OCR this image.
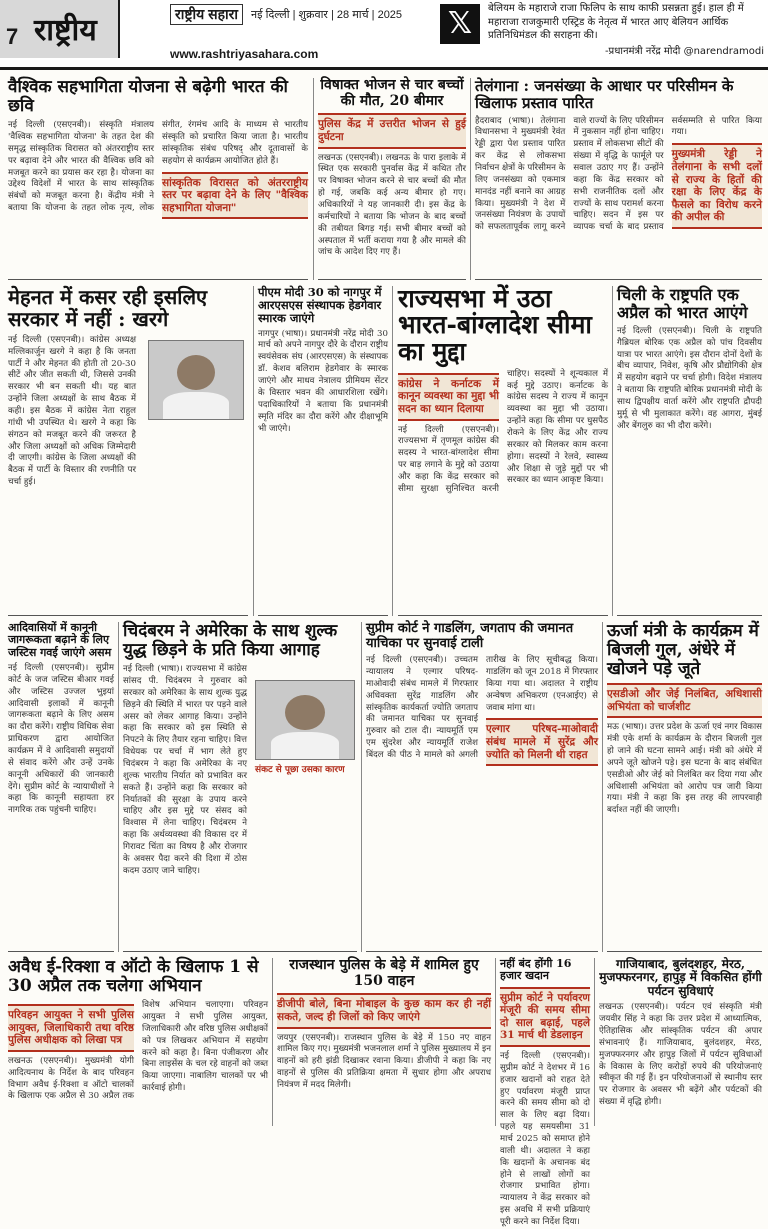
7 राष्ट्रीय	राष्ट्रीय सहारा	नई दिल्ली | शुक्रवार | 28 मार्च | 2025
www.rashtriyasahara.com
𝕏	बेलियम के महाराजे राजा फिलिप के साथ काफी प्रसन्नता हुई। हाल ही में महाराजा राजकुमारी एस्ट्रिड के नेतृत्व में भारत आए बेलियन आर्थिक प्रतिनिधिमंडल की सराहना की।
-प्रधानमंत्री नरेंद्र मोदी @narendramodi
वैश्विक सहभागिता योजना से बढ़ेगी भारत की छवि
नई दिल्ली (एसएनबी)। संस्कृति मंत्रालय 'वैश्विक सहभागिता योजना' के तहत देश की समृद्ध सांस्कृतिक विरासत को अंतरराष्ट्रीय स्तर पर बढ़ावा देने और भारत की वैश्विक छवि को मजबूत करने का प्रयास कर रहा है। योजना का उद्देश्य विदेशों में भारत के साथ सांस्कृतिक संबंधों को मजबूत करना है। केंद्रीय मंत्री ने बताया कि योजना के तहत लोक नृत्य, लोक संगीत, रंगमंच आदि के माध्यम से भारतीय संस्कृति को प्रचारित किया जाता है। भारतीय सांस्कृतिक संबंध परिषद् और दूतावासों के सहयोग से कार्यक्रम आयोजित होते हैं।
सांस्कृतिक विरासत को अंतरराष्ट्रीय स्तर पर बढ़ावा देने के लिए "वैश्विक सहभागिता योजना"
विषाक्त भोजन से चार बच्चों की मौत, 20 बीमार
पुलिस केंद्र में उत्तरीत भोजन से हुई दुर्घटना
लखनऊ (एसएनबी)। लखनऊ के पारा इलाके में स्थित एक सरकारी पुनर्वास केंद्र में कथित तौर पर विषाक्त भोजन करने से चार बच्चों की मौत हो गई, जबकि कई अन्य बीमार हो गए। अधिकारियों ने यह जानकारी दी। इस केंद्र के कर्मचारियों ने बताया कि भोजन के बाद बच्चों की तबीयत बिगड़ गई। सभी बीमार बच्चों को अस्पताल में भर्ती कराया गया है और मामले की जांच के आदेश दिए गए हैं।
तेलंगाना : जनसंख्या के आधार पर परिसीमन के खिलाफ प्रस्ताव पारित
हैदराबाद (भाषा)। तेलंगाना विधानसभा ने मुख्यमंत्री रेवंत रेड्डी द्वारा पेश प्रस्ताव पारित कर केंद्र से लोकसभा निर्वाचन क्षेत्रों के परिसीमन के लिए जनसंख्या को एकमात्र मानदंड नहीं बनाने का आग्रह किया। मुख्यमंत्री ने देश में जनसंख्या नियंत्रण के उपायों को सफलतापूर्वक लागू करने वाले राज्यों के लिए परिसीमन में नुकसान नहीं होना चाहिए। प्रस्ताव में लोकसभा सीटों की संख्या में वृद्धि के फार्मूले पर सवाल उठाए गए हैं। उन्होंने कहा कि केंद्र सरकार को सभी राजनीतिक दलों और राज्यों के साथ परामर्श करना चाहिए। सदन में इस पर व्यापक चर्चा के बाद प्रस्ताव सर्वसम्मति से पारित किया गया।
मुख्यमंत्री रेड्डी ने तेलंगाना के सभी दलों से राज्य के हितों की रक्षा के लिए केंद्र के फैसले का विरोध करने की अपील की
मेहनत में कसर रही इसलिए सरकार में नहीं : खरगे
नई दिल्ली (एसएनबी)। कांग्रेस अध्यक्ष मल्लिकार्जुन खरगे ने कहा है कि जनता पार्टी ने और मेहनत की होती तो 20-30 सीटें और जीत सकती थी, जिससे उनकी सरकार भी बन सकती थी। यह बात उन्होंने जिला अध्यक्षों के साथ बैठक में कही। इस बैठक में कांग्रेस नेता राहुल गांधी भी उपस्थित थे। खरगे ने कहा कि संगठन को मजबूत करने की जरूरत है और जिला अध्यक्षों को अधिक जिम्मेदारी दी जाएगी। कांग्रेस के जिला अध्यक्षों की बैठक में पार्टी के विस्तार की रणनीति पर चर्चा हुई।
पीएम मोदी 30 को नागपुर में आरएसएस संस्थापक हेडगेवार स्मारक जाएंगे
नागपुर (भाषा)। प्रधानमंत्री नरेंद्र मोदी 30 मार्च को अपने नागपुर दौरे के दौरान राष्ट्रीय स्वयंसेवक संघ (आरएसएस) के संस्थापक डॉ. केशव बलिराम हेडगेवार के स्मारक जाएंगे और माधव नेत्रालय प्रीमियम सेंटर के विस्तार भवन की आधारशिला रखेंगे। पदाधिकारियों ने बताया कि प्रधानमंत्री स्मृति मंदिर का दौरा करेंगे और दीक्षाभूमि भी जाएंगे।
राज्यसभा में उठा भारत-बांग्लादेश सीमा का मुद्दा
कांग्रेस ने कर्नाटक में कानून व्यवस्था का मुद्दा भी सदन का ध्यान दिलाया
नई दिल्ली (एसएनबी)। राज्यसभा में तृणमूल कांग्रेस की सदस्य ने भारत-बांग्लादेश सीमा पर बाड़ लगाने के मुद्दे को उठाया और कहा कि केंद्र सरकार को सीमा सुरक्षा सुनिश्चित करनी चाहिए। सदस्यों ने शून्यकाल में कई मुद्दे उठाए। कर्नाटक के कांग्रेस सदस्य ने राज्य में कानून व्यवस्था का मुद्दा भी उठाया। उन्होंने कहा कि सीमा पर घुसपैठ रोकने के लिए केंद्र और राज्य सरकार को मिलकर काम करना होगा। सदस्यों ने रेलवे, स्वास्थ्य और शिक्षा से जुड़े मुद्दों पर भी सरकार का ध्यान आकृष्ट किया।
चिली के राष्ट्रपति एक अप्रैल को भारत आएंगे
नई दिल्ली (एसएनबी)। चिली के राष्ट्रपति गैब्रियल बोरिक एक अप्रैल को पांच दिवसीय यात्रा पर भारत आएंगे। इस दौरान दोनों देशों के बीच व्यापार, निवेश, कृषि और प्रौद्योगिकी क्षेत्र में सहयोग बढ़ाने पर चर्चा होगी। विदेश मंत्रालय ने बताया कि राष्ट्रपति बोरिक प्रधानमंत्री मोदी के साथ द्विपक्षीय वार्ता करेंगे और राष्ट्रपति द्रौपदी मुर्मू से भी मुलाकात करेंगे। वह आगरा, मुंबई और बेंगलुरु का भी दौरा करेंगे।
आदिवासियों में कानूनी जागरूकता बढ़ाने के लिए जस्टिस गवई जाएंगे असम
नई दिल्ली (एसएनबी)। सुप्रीम कोर्ट के जज जस्टिस बीआर गवई और जस्टिस उज्जल भुइयां आदिवासी इलाकों में कानूनी जागरूकता बढ़ाने के लिए असम का दौरा करेंगे। राष्ट्रीय विधिक सेवा प्राधिकरण द्वारा आयोजित कार्यक्रम में वे आदिवासी समुदायों से संवाद करेंगे और उन्हें उनके कानूनी अधिकारों की जानकारी देंगे। सुप्रीम कोर्ट के न्यायाधीशों ने कहा कि कानूनी सहायता हर नागरिक तक पहुंचनी चाहिए।
चिदंबरम ने अमेरिका के साथ शुल्क युद्ध छिड़ने के प्रति किया आगाह
संकट से पूछा उसका कारण
नई दिल्ली (भाषा)। राज्यसभा में कांग्रेस सांसद पी. चिदंबरम ने गुरुवार को सरकार को अमेरिका के साथ शुल्क युद्ध छिड़ने की स्थिति में भारत पर पड़ने वाले असर को लेकर आगाह किया। उन्होंने कहा कि सरकार को इस स्थिति से निपटने के लिए तैयार रहना चाहिए। वित्त विधेयक पर चर्चा में भाग लेते हुए चिदंबरम ने कहा कि अमेरिका के नए शुल्क भारतीय निर्यात को प्रभावित कर सकते हैं। उन्होंने कहा कि सरकार को निर्यातकों की सुरक्षा के उपाय करने चाहिए और इस मुद्दे पर संसद को विश्वास में लेना चाहिए। चिदंबरम ने कहा कि अर्थव्यवस्था की विकास दर में गिरावट चिंता का विषय है और रोजगार के अवसर पैदा करने की दिशा में ठोस कदम उठाए जाने चाहिए।
सुप्रीम कोर्ट ने गाडलिंग, जगताप की जमानत याचिका पर सुनवाई टाली
नई दिल्ली (एसएनबी)। उच्चतम न्यायालय ने एल्गार परिषद-माओवादी संबंध मामले में गिरफ्तार अधिवक्ता सुरेंद्र गाडलिंग और सांस्कृतिक कार्यकर्ता ज्योति जगताप की जमानत याचिका पर सुनवाई गुरुवार को टाल दी। न्यायमूर्ति एम एम सुंदरेश और न्यायमूर्ति राजेश बिंदल की पीठ ने मामले को अगली तारीख के लिए सूचीबद्ध किया। गाडलिंग को जून 2018 में गिरफ्तार किया गया था। अदालत ने राष्ट्रीय अन्वेषण अभिकरण (एनआईए) से जवाब मांगा था।
एल्गार परिषद-माओवादी संबंध मामले में सुरेंद्र और ज्योति को मिलनी थी राहत
ऊर्जा मंत्री के कार्यक्रम में बिजली गुल, अंधेरे में खोजने पड़े जूते
एसडीओ और जेई निलंबित, अधिशासी अभियंता को चार्जशीट
मऊ (भाषा)। उत्तर प्रदेश के ऊर्जा एवं नगर विकास मंत्री एके शर्मा के कार्यक्रम के दौरान बिजली गुल हो जाने की घटना सामने आई। मंत्री को अंधेरे में अपने जूते खोजने पड़े। इस घटना के बाद संबंधित एसडीओ और जेई को निलंबित कर दिया गया और अधिशासी अभियंता को आरोप पत्र जारी किया गया। मंत्री ने कहा कि इस तरह की लापरवाही बर्दाश्त नहीं की जाएगी।
अवैध ई-रिक्शा व ऑटो के खिलाफ 1 से 30 अप्रैल तक चलेगा अभियान
परिवहन आयुक्त ने सभी पुलिस आयुक्त, जिलाधिकारी तथा वरिष्ठ पुलिस अधीक्षक को लिखा पत्र
लखनऊ (एसएनबी)। मुख्यमंत्री योगी आदित्यनाथ के निर्देश के बाद परिवहन विभाग अवैध ई-रिक्शा व ऑटो चालकों के खिलाफ एक अप्रैल से 30 अप्रैल तक विशेष अभियान चलाएगा। परिवहन आयुक्त ने सभी पुलिस आयुक्त, जिलाधिकारी और वरिष्ठ पुलिस अधीक्षकों को पत्र लिखकर अभियान में सहयोग करने को कहा है। बिना पंजीकरण और बिना लाइसेंस के चल रहे वाहनों को जब्त किया जाएगा। नाबालिग चालकों पर भी कार्रवाई होगी।
राजस्थान पुलिस के बेड़े में शामिल हुए 150 वाहन
डीजीपी बोले, बिना मोबाइल के कुछ काम कर ही नहीं सकते, जल्द ही जिलों को किए जाएंगे
जयपुर (एसएनबी)। राजस्थान पुलिस के बेड़े में 150 नए वाहन शामिल किए गए। मुख्यमंत्री भजनलाल शर्मा ने पुलिस मुख्यालय में इन वाहनों को हरी झंडी दिखाकर रवाना किया। डीजीपी ने कहा कि नए वाहनों से पुलिस की प्रतिक्रिया क्षमता में सुधार होगा और अपराध नियंत्रण में मदद मिलेगी।
नहीं बंद होंगी 16 हजार खदान
सुप्रीम कोर्ट ने पर्यावरण मंजूरी की समय सीमा दो साल बढ़ाई, पहले 31 मार्च थी डेडलाइन
नई दिल्ली (एसएनबी)। सुप्रीम कोर्ट ने देशभर में 16 हजार खदानों को राहत देते हुए पर्यावरण मंजूरी प्राप्त करने की समय सीमा को दो साल के लिए बढ़ा दिया। पहले यह समयसीमा 31 मार्च 2025 को समाप्त होने वाली थी। अदालत ने कहा कि खदानों के अचानक बंद होने से लाखों लोगों का रोजगार प्रभावित होगा। न्यायालय ने केंद्र सरकार को इस अवधि में सभी प्रक्रियाएं पूरी करने का निर्देश दिया।
गाजियाबाद, बुलंदशहर, मेरठ, मुजफ्फरनगर, हापुड़ में विकसित होंगी पर्यटन सुविधाएं
लखनऊ (एसएनबी)। पर्यटन एवं संस्कृति मंत्री जयवीर सिंह ने कहा कि उत्तर प्रदेश में आध्यात्मिक, ऐतिहासिक और सांस्कृतिक पर्यटन की अपार संभावनाएं हैं। गाजियाबाद, बुलंदशहर, मेरठ, मुजफ्फरनगर और हापुड़ जिलों में पर्यटन सुविधाओं के विकास के लिए करोड़ों रुपये की परियोजनाएं स्वीकृत की गई हैं। इन परियोजनाओं से स्थानीय स्तर पर रोजगार के अवसर भी बढ़ेंगे और पर्यटकों की संख्या में वृद्धि होगी।
